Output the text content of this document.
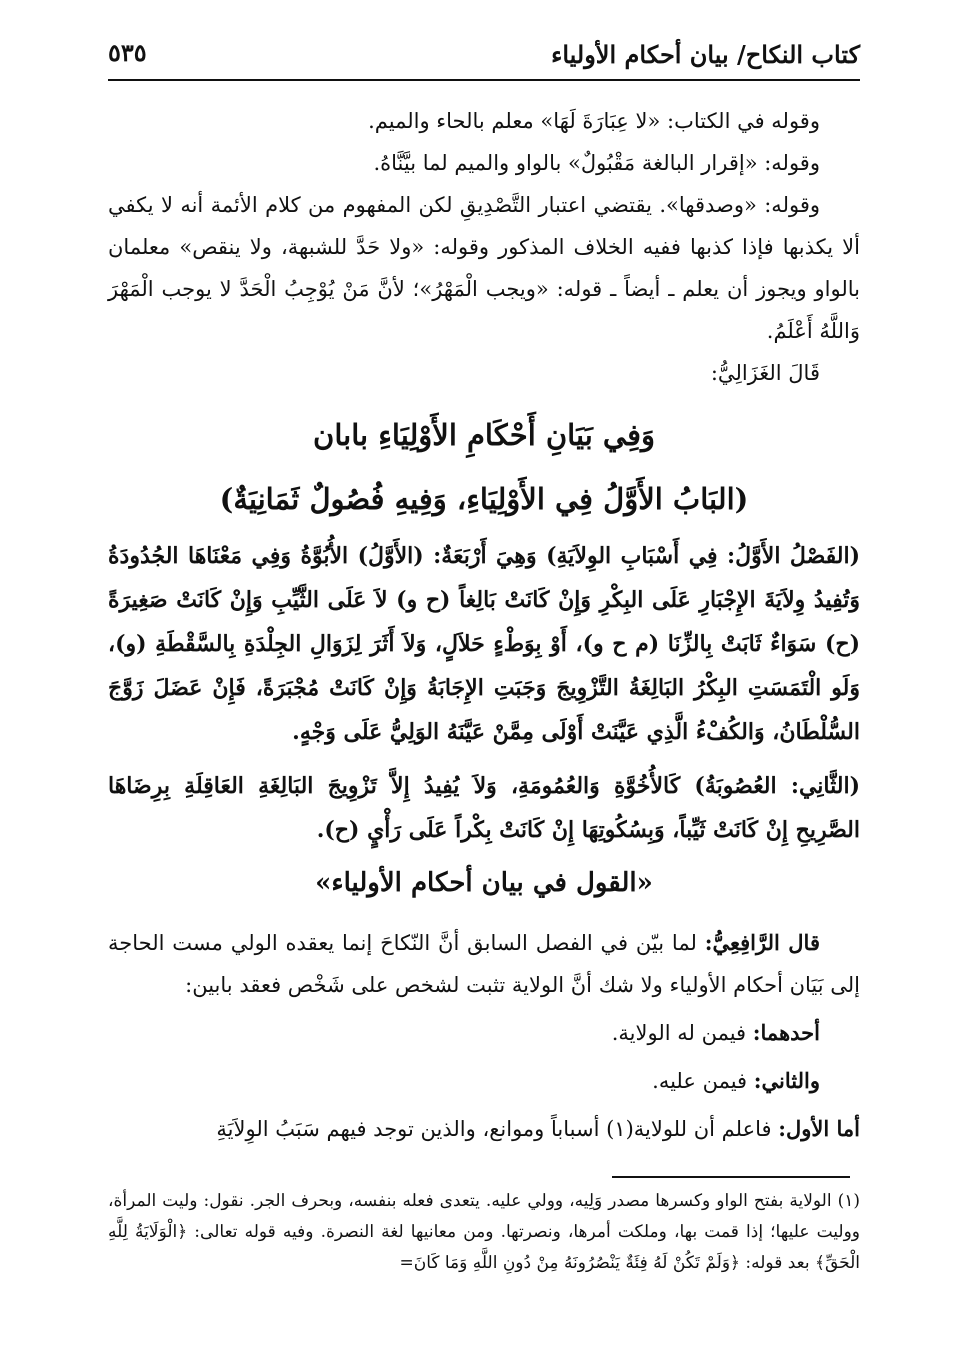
كتاب النكاح/ بيان أحكام الأولياء
٥٣٥

وقوله في الكتاب: «لا عِبَارَةَ لَهَا» معلم بالحاء والميم.

وقوله: «إقرار البالغة مَقْبُولٌ» بالواو والميم لما بيَّنَّاهُ.

وقوله: «وصدقها». يقتضي اعتبار التَّصْدِيقِ لكن المفهوم من كلام الأئمة أنه لا يكفي ألا يكذبها فإذا كذبها ففيه الخلاف المذكور وقوله: «ولا حَدَّ للشبهة، ولا ينقص» معلمان بالواو ويجوز أن يعلم ـ أيضاً ـ قوله: «ويجب الْمَهْرُ»؛ لأنَّ مَنْ يُوْجِبُ الْحَدَّ لا يوجب الْمَهْرَ وَاللَّهُ أَعْلَمُ.

قَالَ الغَزَالِيُّ:

وَفِي بَيَانِ أَحْكَامِ الأَوْلِيَاءِ بابان
(البَابُ الأَوَّلُ فِي الأَوْلِيَاءِ، وَفِيهِ فُصُولٌ ثَمَانِيَةٌ)
(الفَصْلُ الأَوَّلُ: فِي أَسْبَابِ الوِلاَيَةِ) وَهِيَ أَرْبَعَةٌ: (الأَوَّلُ) الأُبُوَّةُ وَفِي مَعْنَاهَا الجُدُودَةُ وَتُفِيدُ وِلاَيَةَ الإِجْبَارِ عَلَى البِكْرِ وَإِنْ كَانَتْ بَالِغاً (ح و) لاَ عَلَى الثَّيِّبِ وَإِنْ كَانَتْ صَغِيرَةً (ح) سَوَاءٌ ثَابَتْ بِالزِّنَا (م ح و)، أَوْ بِوَطْءٍ حَلاَلٍ، وَلاَ أَثَرَ لِزَوَالِ الجِلْدَةِ بِالسَّقْطَةِ (و)، وَلَو الْتَمَسَتِ البِكْرُ البَالِغَةُ التَّزْوِيجَ وَجَبَتِ الإِجَابَةُ وَإِنْ كَانَتْ مُجْبَرَةً، فَإِنْ عَضَلَ زَوَّجَ السُّلْطَانُ، وَالكُفْءُ الَّذِي عَيَّنَتْ أَوْلَى مِمَّنْ عَيَّنَهُ الوَلِيُّ عَلَى وَجْهٍ.
(الثَّانِي: العُصُوبَةُ) كَالأُخُوَّةِ وَالعُمُومَةِ، وَلاَ يُفِيدُ إِلاَّ تَزْوِيجَ البَالِغَةِ العَاقِلَةِ بِرِضَاهَا الصَّرِيحِ إِنْ كَانَتْ ثَيِّباً، وَبِسُكُوتِهَا إِنْ كَانَتْ بِكْراً عَلَى رَأْيٍ (ح).
«القول في بيان أحكام الأولياء»

قال الرَّافِعِيُّ: لما بيّن في الفصل السابق أنَّ النّكاحَ إنما يعقده الولي مست الحاجة إلى بَيَان أحكام الأولياء ولا شك أنَّ الولاية تثبت لشخص على شَخْص فعقد بابين:

أحدهما: فيمن له الولاية.

والثاني: فيمن عليه.

أما الأول: فاعلم أن للولاية(١) أسباباً وموانع، والذين توجد فيهم سَبَبُ الوِلاَيَةِ

(١) الولاية بفتح الواو وكسرها مصدر وَلِيه، وولي عليه. يتعدى فعله بنفسه، وبحرف الجر. نقول: وليت المرأة، ووليت عليها؛ إذا قمت بها، وملكت أمرها، ونصرتها. ومن معانيها لغة النصرة. وفيه قوله تعالى: ﴿الْوَلَايَةُ لِلَّهِ الْحَقِّ﴾ بعد قوله: ﴿وَلَمْ تَكُنْ لَهُ فِئَةٌ يَنْصُرُونَهُ مِنْ دُونِ اللَّهِ وَمَا كَانَ=
